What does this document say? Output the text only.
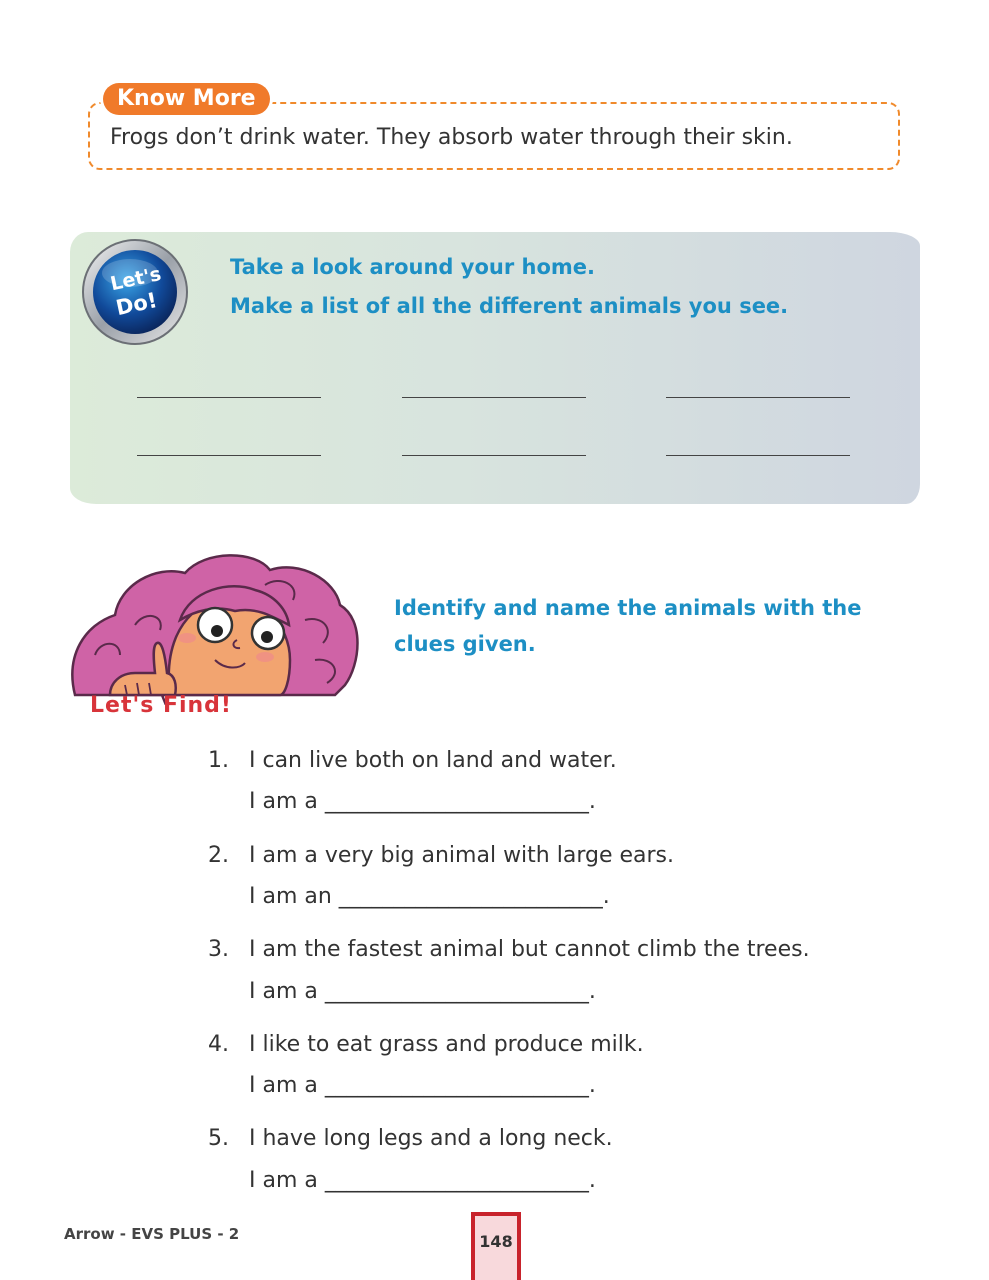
Know More
Frogs don’t drink water. They absorb water through their skin.
Let's
Do!
Take a look around your home.
Make a list of all the different animals you see.
Let's Find!
Identify and name the animals with the clues given.
1. I can live both on land and water.
I am a ________________________.
2. I am a very big animal with large ears.
I am an ________________________.
3. I am the fastest animal but cannot climb the trees.
I am a ________________________.
4. I like to eat grass and produce milk.
I am a ________________________.
5. I have long legs and a long neck.
I am a ________________________.
Arrow - EVS PLUS - 2	148
